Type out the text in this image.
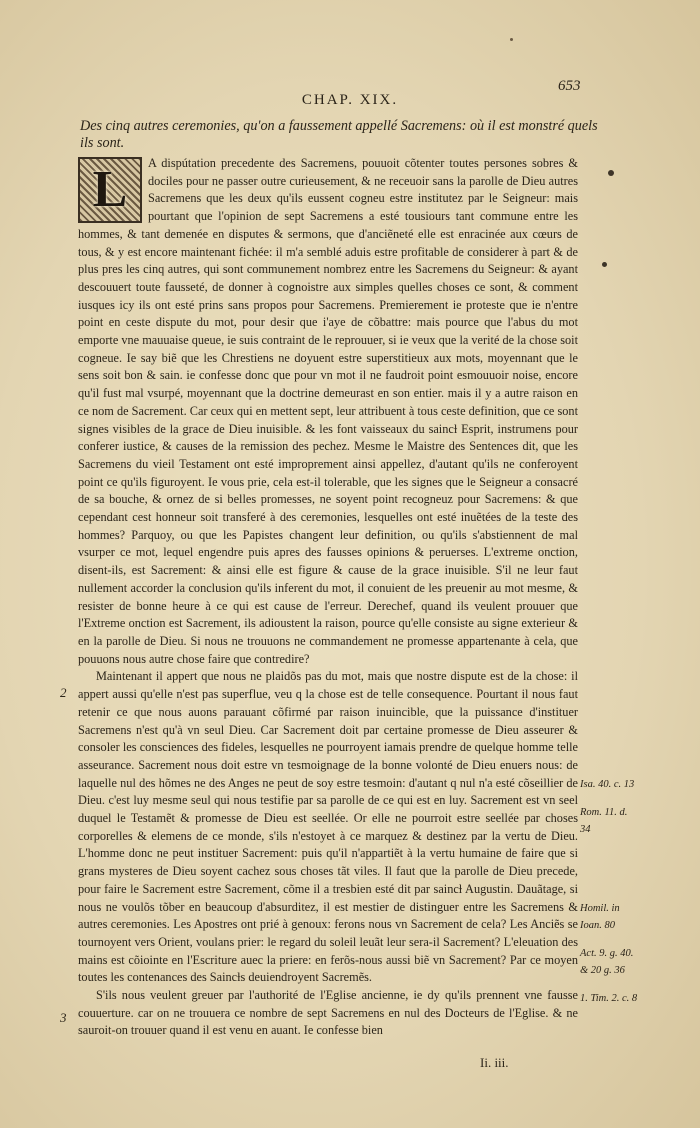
653
CHAP. XIX.
Des cinq autres ceremonies, qu'on a faussement appellé Sacremens: où il est monstré quels ils sont.

L	A dispútation precedente des Sacremens, pouuoit cõtenter toutes persones sobres & dociles pour ne passer outre curieusement, & ne receuoir sans la parolle de Dieu autres Sacremens que les deux qu'ils eussent cogneu estre institutez par le Seigneur: mais pourtant que l'opinion de sept Sacremens a esté tousiours tant commune entre les hommes, & tant demenée en disputes & sermons, que d'anciẽneté elle est enracinée aux cœurs de tous, & y est encore maintenant fichée: il m'a semblé aduis estre profitable de considerer à part & de plus pres les cinq autres, qui sont communement nombrez entre les Sacremens du Seigneur: & ayant descouuert toute fausseté, de donner à cognoistre aux simples quelles choses ce sont, & comment iusques icy ils ont esté prins sans propos pour Sacremens. Premierement ie proteste que ie n'entre point en ceste dispute du mot, pour desir que i'aye de cõbattre: mais pource que l'abus du mot emporte vne mauuaise queue, ie suis contraint de le reprouuer, si ie veux que la verité de la chose soit cogneue. Ie say biẽ que les Chrestiens ne doyuent estre superstitieux aux mots, moyennant que le sens soit bon & sain. ie confesse donc que pour vn mot il ne faudroit point esmouuoir noise, encore qu'il fust mal vsurpé, moyennant que la doctrine demeurast en son entier. mais il y a autre raison en ce nom de Sacrement. Car ceux qui en mettent sept, leur attribuent à tous ceste definition, que ce sont signes visibles de la grace de Dieu inuisible. & les font vaisseaux du saincɫ Esprit, instrumens pour conferer iustice, & causes de la remission des pechez. Mesme le Maistre des Sentences dit, que les Sacremens du vieil Testament ont esté improprement ainsi appellez, d'autant qu'ils ne conferoyent point ce qu'ils figuroyent. Ie vous prie, cela est-il tolerable, que les signes que le Seigneur a consacré de sa bouche, & ornez de si belles promesses, ne soyent point recogneuz pour Sacremens: & que cependant cest honneur soit transferé à des ceremonies, lesquelles ont esté inuẽtées de la teste des hommes? Parquoy, ou que les Papistes changent leur definition, ou qu'ils s'abstiennent de mal vsurper ce mot, lequel engendre puis apres des fausses opinions & peruerses. L'extreme onction, disent-ils, est Sacrement: & ainsi elle est figure & cause de la grace inuisible. S'il ne leur faut nullement accorder la conclusion qu'ils inferent du mot, il conuient de les preuenir au mot mesme, & resister de bonne heure à ce qui est cause de l'erreur. Derechef, quand ils veulent prouuer que l'Extreme onction est Sacrement, ils adioustent la raison, pource qu'elle consiste au signe exterieur & en la parolle de Dieu. Si nous ne trouuons ne commandement ne promesse appartenante à cela, que pouuons nous autre chose faire que contredire?

Maintenant il appert que nous ne plaidõs pas du mot, mais que nostre dispute est de la chose: il appert aussi qu'elle n'est pas superflue, veu q la chose est de telle consequence. Pourtant il nous faut retenir ce que nous auons parauant cõfirmé par raison inuincible, que la puissance d'instituer Sacremens n'est qu'à vn seul Dieu. Car Sacrement doit par certaine promesse de Dieu asseurer & consoler les consciences des fideles, lesquelles ne pourroyent iamais prendre de quelque homme telle asseurance. Sacrement nous doit estre vn tesmoignage de la bonne volonté de Dieu enuers nous: de laquelle nul des hõmes ne des Anges ne peut de soy estre tesmoin: d'autant q nul n'a esté cõseillier de Dieu. c'est luy mesme seul qui nous testifie par sa parolle de ce qui est en luy. Sacrement est vn seel duquel le Testamẽt & promesse de Dieu est seellée. Or elle ne pourroit estre seellée par choses corporelles & elemens de ce monde, s'ils n'estoyet à ce marquez & destinez par la vertu de Dieu. L'homme donc ne peut instituer Sacrement: puis qu'il n'appartiẽt à la vertu humaine de faire que si grans mysteres de Dieu soyent cachez sous choses tãt viles. Il faut que la parolle de Dieu precede, pour faire le Sacrement estre Sacrement, cõme il a tresbien esté dit par saincɫ Augustin. Dauãtage, si nous ne voulõs tõber en beaucoup d'absurditez, il est mestier de distinguer entre les Sacremens & autres ceremonies. Les Apostres ont prié à genoux: ferons nous vn Sacrement de cela? Les Anciẽs se tournoyent vers Orient, voulans prier: le regard du soleil leuãt leur sera-il Sacrement? L'eleuation des mains est cõiointe en l'Escriture auec la priere: en ferõs-nous aussi biẽ vn Sacrement? Par ce moyen toutes les contenances des Saincɫs deuiendroyent Sacremẽs.

S'ils nous veulent greuer par l'authorité de l'Eglise ancienne, ie dy qu'ils prennent vne fausse couuerture. car on ne trouuera ce nombre de sept Sacremens en nul des Docteurs de l'Eglise. & ne sauroit-on trouuer quand il est venu en auant. Ie confesse bien

2
3
Isa. 40. c. 13
Rom. 11. d. 34
Homil. in Ioan. 80
Act. 9. g. 40. & 20 g. 36
1. Tim. 2. c. 8
Ii. iii.
